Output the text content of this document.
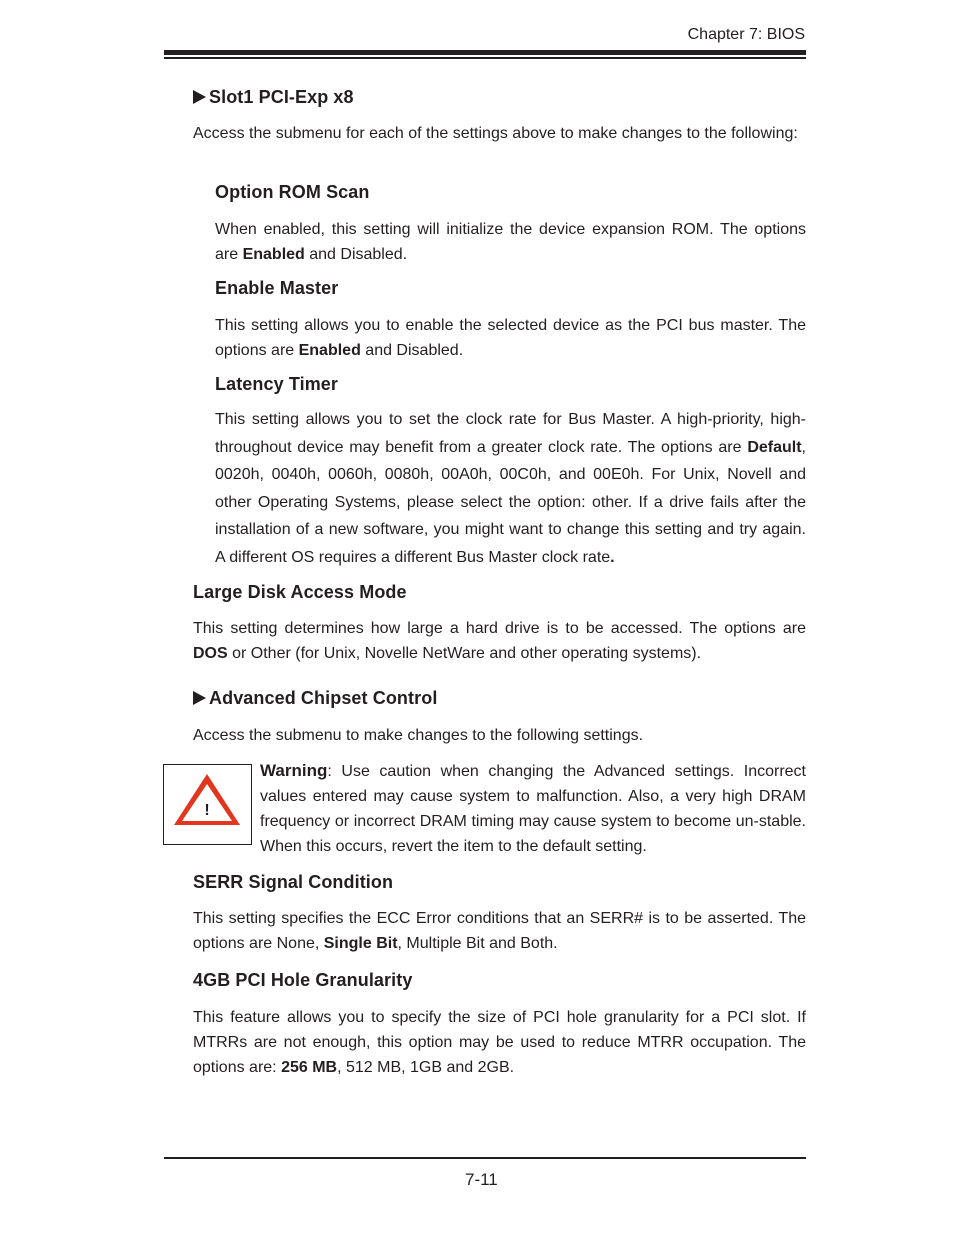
Chapter 7: BIOS
Slot1 PCI-Exp x8
Access the submenu for each of the settings above to make changes to the following:
Option ROM Scan
When enabled, this setting will initialize the device expansion ROM. The options are Enabled and Disabled.
Enable Master
This setting allows you to enable the selected device as the PCI bus master. The options are Enabled and Disabled.
Latency Timer
This setting allows you to set the clock rate for Bus Master. A high-priority, high-throughout device may benefit from a greater clock rate. The options are Default, 0020h, 0040h, 0060h, 0080h, 00A0h, 00C0h, and 00E0h. For Unix, Novell and other Operating Systems, please select the option: other. If a drive fails after the installation of a new software, you might want to change this setting and try again. A different OS requires a different Bus Master clock rate.
Large Disk Access Mode
This setting determines how large a hard drive is to be accessed. The options are DOS or Other (for Unix, Novelle NetWare and other operating systems).
Advanced Chipset Control
Access the submenu to make changes to the following settings.
!
Warning: Use caution when changing the Advanced settings. Incorrect values entered may cause system to malfunction. Also, a very high DRAM frequency or incorrect DRAM timing may cause system to become un-stable. When this occurs, revert the item to the default setting.
SERR Signal Condition
This setting specifies the ECC Error conditions that an SERR# is to be asserted. The options are None, Single Bit, Multiple Bit and Both.
4GB PCI Hole Granularity
This feature allows you to specify the size of PCI hole granularity for a PCI slot. If MTRRs are not enough, this option may be used to reduce MTRR occupation. The options are: 256 MB, 512 MB, 1GB and 2GB.
7-11
